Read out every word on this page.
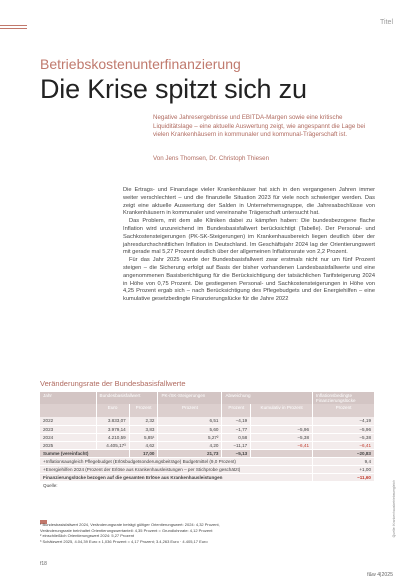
Titel
Betriebskostenunterfinanzierung
Die Krise spitzt sich zu
Negative Jahresergebnisse und EBITDA-Margen sowie eine kritische Liquiditätslage – eine aktuelle Auswertung zeigt, wie angespannt die Lage bei vielen Krankenhäusern in kommunaler und kommunal-Trägerschaft ist.
Von Jens Thomsen, Dr. Christoph Thiesen

Die Ertrags- und Finanzlage vieler Krankenhäuser hat sich in den vergangenen Jahren immer weiter verschlechtert – und die finanzielle Situation 2023 für viele noch schwieriger werden. Das zeigt eine aktuelle Auswertung der Salden in Unternehmensgruppe, die Jahresabschlüsse von Krankenhäusern in kommunaler und vereinsnahe Trägerschaft untersucht hat.

Das Problem, mit dem alle Kliniken dabei zu kämpfen haben: Die bundesbezogene flache Inflation wird unzureichend im Bundesbasisfallwert berücksichtigt (Tabelle). Der Personal- und Sachkostensteigerungen (PK-SK-Steigerungen) im Krankenhausbereich liegen deutlich über der jahresdurchschnittlichen Inflation in Deutschland. Im Geschäftsjahr 2024 lag der Orientierungswert mit gerade mal 5,27 Prozent deutlich über der allgemeinen Inflationsrate von 2,2 Prozent.

Für das Jahr 2025 wurde der Bundesbasisfallwert zwar erstmals nicht nur um fünf Prozent steigen – die Sicherung erfolgt auf Basis der bisher vorhandenen Landesbasisfallwerte und eine angenommenen Basisberichtigung für die Berücksichtigung der tatsächlichen Tarifsteigerung 2024 in Höhe von 0,75 Prozent. Die gestiegenen Personal- und Sachkostensteigerungen in Höhe von 4,25 Prozent ergab sich – nach Berücksichtigung des Pflegebudgets und der Energiehilfen – eine kumulative gesetzbedingte Finanzierungslücke für die Jahre 2022

Veränderungsrate der Bundesbasisfallwerte
Jahr	Bundesbasisfallwert		PK-/SK-Steigerungen	Abweichung		Inflationsbedingte Finanzierungslücke
	Euro	Prozent	Prozent	Prozent	Kumulativ in Prozent	Prozent
2022	3.833,07	2,32	6,51	−4,19		−4,19
2023	3.979,14	3,83	5,60	−1,77	−5,96	−5,96
2024	4.210,59	5,85¹	5,27²	0,58	−5,38	−5,38
2025	4.405,17³	4,62	4,20	−11,17	−6,41	−6,41
Summe (vereinfacht)		17,00	21,73	−5,13		−20,83
+Inflationsausgleich Pflegebudget (Erlösbudgetsonderungsbeiträge) Budgetmittel (9,0 Prozent)						9,4
+Energiehilfen 2024 (Prozent der Erlöse aus Krankenhausleistungen – per Stichprobe geschätzt)						+1,00
Finanzierungslücke bezogen auf die gesamten Erlöse aus Krankenhausleistungen						−11,60
Quelle:						
¹ Bundesbasisfallwert 2024, Veränderungsrate beträgt gültiger Orientierungswert: 2024: 4,32 Prozent,
Veränderungsrate beinhaltet Orientierungswertanteil: 4,35 Prozent = Grundlohnrate: 4,12 Prozent
² einschließlich Orientierungswert 2024: 5,27 Prozent
³ Schätzwert 2025, 4.04,39 Euro x 1,036 Prozent = 4,17 Prozent; 3.4,263 Euro · 4.405,17 Euro
Quelle: Krankenhausbetriebsvergleich
f18
f&w 4|2025
